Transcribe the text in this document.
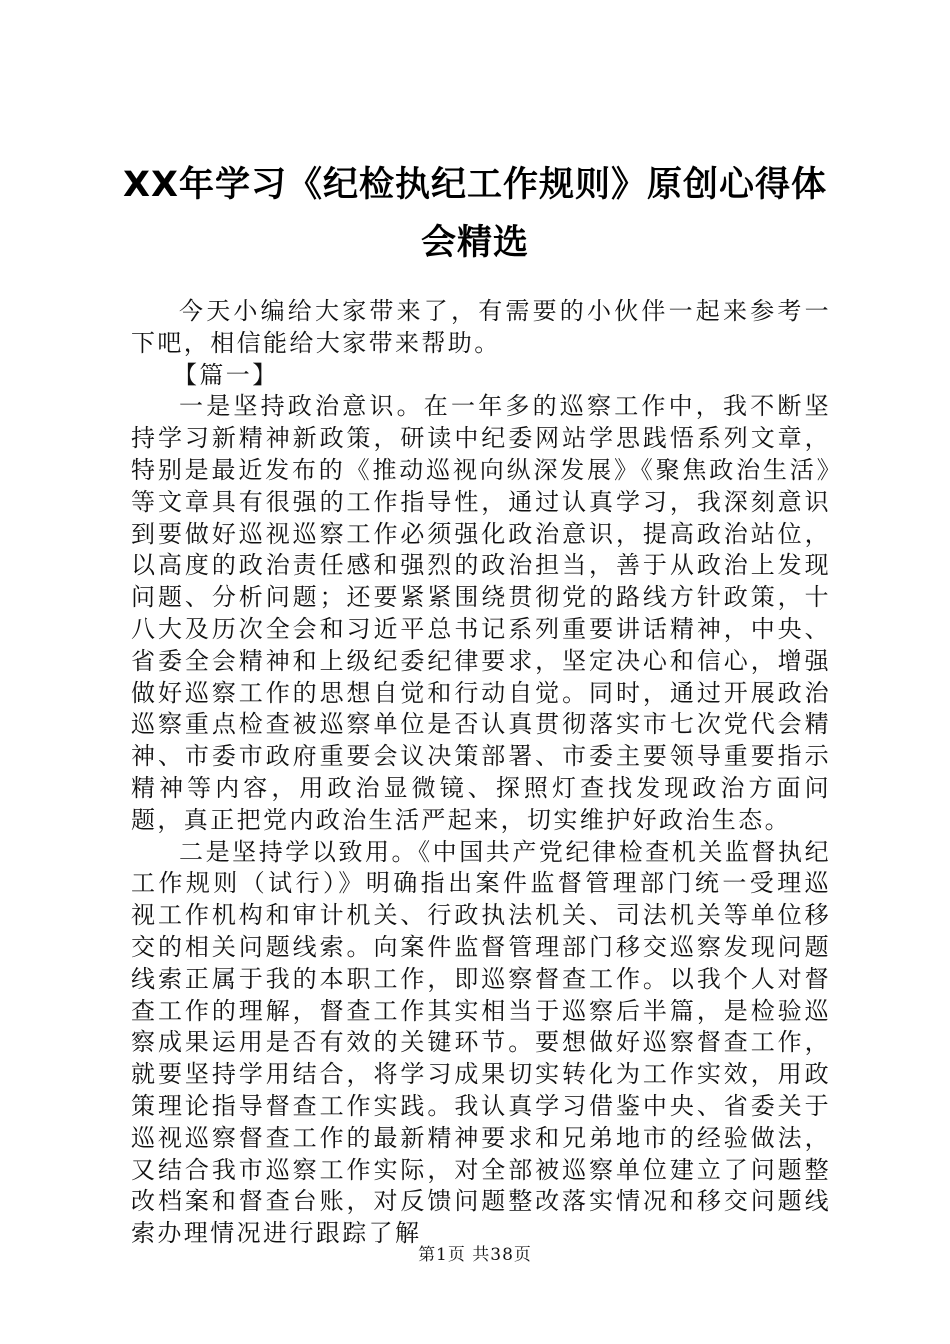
XX年学习《纪检执纪工作规则》原创心得体
会精选

今天小编给大家带来了，有需要的小伙伴一起来参考一下吧，相信能给大家带来帮助。

【篇一】

一是坚持政治意识。在一年多的巡察工作中，我不断坚持学习新精神新政策，研读中纪委网站学思践悟系列文章，特别是最近发布的《推动巡视向纵深发展》《聚焦政治生活》等文章具有很强的工作指导性，通过认真学习，我深刻意识到要做好巡视巡察工作必须强化政治意识，提高政治站位，以高度的政治责任感和强烈的政治担当，善于从政治上发现问题、分析问题；还要紧紧围绕贯彻党的路线方针政策，十八大及历次全会和习近平总书记系列重要讲话精神，中央、省委全会精神和上级纪委纪律要求，坚定决心和信心，增强做好巡察工作的思想自觉和行动自觉。同时，通过开展政治巡察重点检查被巡察单位是否认真贯彻落实市七次党代会精神、市委市政府重要会议决策部署、市委主要领导重要指示精神等内容，用政治显微镜、探照灯查找发现政治方面问题，真正把党内政治生活严起来，切实维护好政治生态。

二是坚持学以致用。《中国共产党纪律检查机关监督执纪工作规则（试行）》明确指出案件监督管理部门统一受理巡视工作机构和审计机关、行政执法机关、司法机关等单位移交的相关问题线索。向案件监督管理部门移交巡察发现问题线索正属于我的本职工作，即巡察督查工作。以我个人对督查工作的理解，督查工作其实相当于巡察后半篇，是检验巡察成果运用是否有效的关键环节。要想做好巡察督查工作，就要坚持学用结合，将学习成果切实转化为工作实效，用政策理论指导督查工作实践。我认真学习借鉴中央、省委关于巡视巡察督查工作的最新精神要求和兄弟地市的经验做法，又结合我市巡察工作实际，对全部被巡察单位建立了问题整改档案和督查台账，对反馈问题整改落实情况和移交问题线索办理情况进行跟踪了解

第1页 共38页
